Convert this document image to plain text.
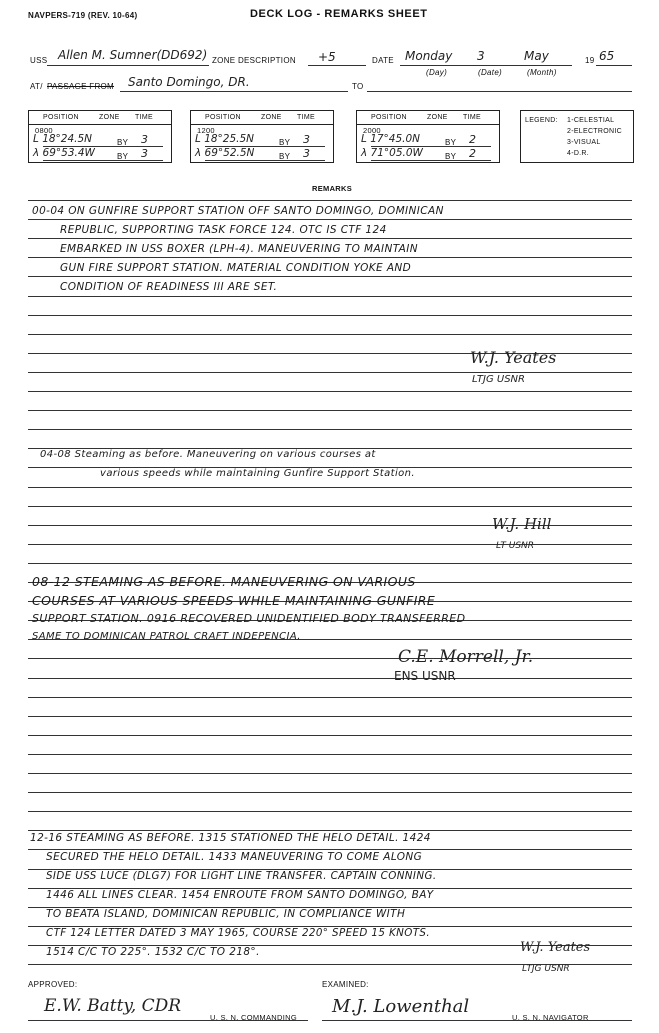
NAVPERS-719 (REV. 10-64)	DECK LOG - REMARKS SHEET
USS Allen M. Sumner(DD692) ZONE DESCRIPTION +5	DATE Monday 3	May	19 65
(Day)	(Date)	(Month)
AT/ PASSAGE FROM Santo Domingo, DR.	TO
POSITION	ZONE TIME
0800
L 18°24.5N	BY 3
λ 69°53.4W	BY 3
POSITION	ZONE TIME
1200
L 18°25.5N	BY 3
λ 69°52.5N	BY 3
POSITION	ZONE TIME
2000
L 17°45.0N	BY 2
λ 71°05.0W	BY 2
LEGEND: 1-CELESTIAL
2-ELECTRONIC
3-VISUAL
4-D.R.
REMARKS
00-04 ON GUNFIRE SUPPORT STATION OFF SANTO DOMINGO, DOMINICAN
REPUBLIC, SUPPORTING TASK FORCE 124. OTC IS CTF 124
EMBARKED IN USS BOXER (LPH-4). MANEUVERING TO MAINTAIN
GUN FIRE SUPPORT STATION. MATERIAL CONDITION YOKE AND
CONDITION OF READINESS III ARE SET.
W.J. Yeates
LTJG USNR
04-08 Steaming as before. Maneuvering on various courses at
various speeds while maintaining Gunfire Support Station.
W.J. Hill
LT USNR
08-12 STEAMING AS BEFORE. MANEUVERING ON VARIOUS
COURSES AT VARIOUS SPEEDS WHILE MAINTAINING GUNFIRE
SUPPORT STATION. 0916 RECOVERED UNIDENTIFIED BODY TRANSFERRED
SAME TO DOMINICAN PATROL CRAFT INDEPENCIA.
C.E. Morrell, Jr.
ENS USNR
12-16 STEAMING AS BEFORE. 1315 STATIONED THE HELO DETAIL. 1424
SECURED THE HELO DETAIL. 1433 MANEUVERING TO COME ALONG
SIDE USS LUCE (DLG7) FOR LIGHT LINE TRANSFER. CAPTAIN CONNING.
1446 ALL LINES CLEAR. 1454 ENROUTE FROM SANTO DOMINGO, BAY
TO BEATA ISLAND, DOMINICAN REPUBLIC, IN COMPLIANCE WITH
CTF 124 LETTER DATED 3 MAY 1965, COURSE 220° SPEED 15 KNOTS.
1514 C/C TO 225°. 1532 C/C TO 218°.	W.J. Yeates
LTJG USNR
APPROVED:	EXAMINED:
E.W. Batty, CDR	M.J. Lowenthal
U. S. N. COMMANDING	U. S. N. NAVIGATOR
